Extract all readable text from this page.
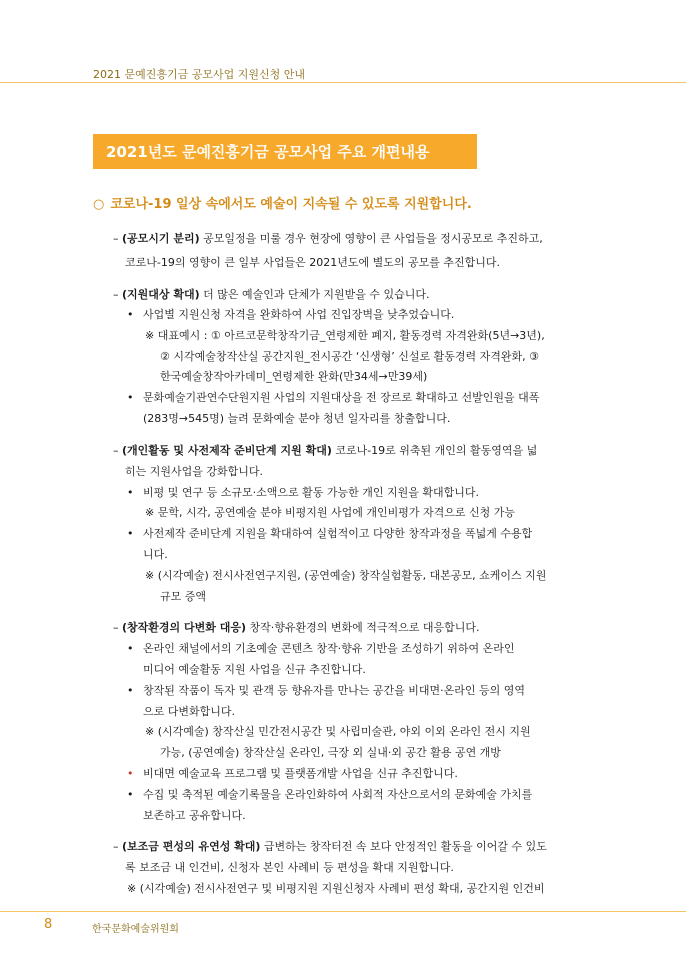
2021 문예진흥기금 공모사업 지원신청 안내
2021년도 문예진흥기금 공모사업 주요 개편내용
○ 코로나-19 일상 속에서도 예술이 지속될 수 있도록 지원합니다.
– (공모시기 분리) 공모일정을 미룰 경우 현장에 영향이 큰 사업들을 정시공모로 추진하고,
코로나-19의 영향이 큰 일부 사업들은 2021년도에 별도의 공모를 추진합니다.
– (지원대상 확대) 더 많은 예술인과 단체가 지원받을 수 있습니다.
• 사업별 지원신청 자격을 완화하여 사업 진입장벽을 낮추었습니다.
※ 대표예시 : ① 아르코문학창작기금_연령제한 폐지, 활동경력 자격완화(5년→3년),
② 시각예술창작산실 공간지원_전시공간 ‘신생형’ 신설로 활동경력 자격완화, ③
한국예술창작아카데미_연령제한 완화(만34세→만39세)
• 문화예술기관연수단원지원 사업의 지원대상을 전 장르로 확대하고 선발인원을 대폭
(283명→545명) 늘려 문화예술 분야 청년 일자리를 창출합니다.
– (개인활동 및 사전제작 준비단계 지원 확대) 코로나-19로 위축된 개인의 활동영역을 넓
히는 지원사업을 강화합니다.
• 비평 및 연구 등 소규모·소액으로 활동 가능한 개인 지원을 확대합니다.
※ 문학, 시각, 공연예술 분야 비평지원 사업에 개인비평가 자격으로 신청 가능
• 사전제작 준비단계 지원을 확대하여 실험적이고 다양한 창작과정을 폭넓게 수용합
니다.
※ (시각예술) 전시사전연구지원, (공연예술) 창작실험활동, 대본공모, 쇼케이스 지원
규모 증액
– (창작환경의 다변화 대응) 창작·향유환경의 변화에 적극적으로 대응합니다.
• 온라인 채널에서의 기초예술 콘텐츠 창작·향유 기반을 조성하기 위하여 온라인
미디어 예술활동 지원 사업을 신규 추진합니다.
• 창작된 작품이 독자 및 관객 등 향유자를 만나는 공간을 비대면·온라인 등의 영역
으로 다변화합니다.
※ (시각예술) 창작산실 민간전시공간 및 사립미술관, 야외 이외 온라인 전시 지원
가능, (공연예술) 창작산실 온라인, 극장 외 실내·외 공간 활용 공연 개방
• 비대면 예술교육 프로그램 및 플랫폼개발 사업을 신규 추진합니다.
• 수집 및 축적된 예술기록물을 온라인화하여 사회적 자산으로서의 문화예술 가치를
보존하고 공유합니다.
– (보조금 편성의 유연성 확대) 급변하는 창작터전 속 보다 안정적인 활동을 이어갈 수 있도
록 보조금 내 인건비, 신청자 본인 사례비 등 편성을 확대 지원합니다.
※ (시각예술) 전시사전연구 및 비평지원 지원신청자 사례비 편성 확대, 공간지원 인건비
8	한국문화예술위원회
